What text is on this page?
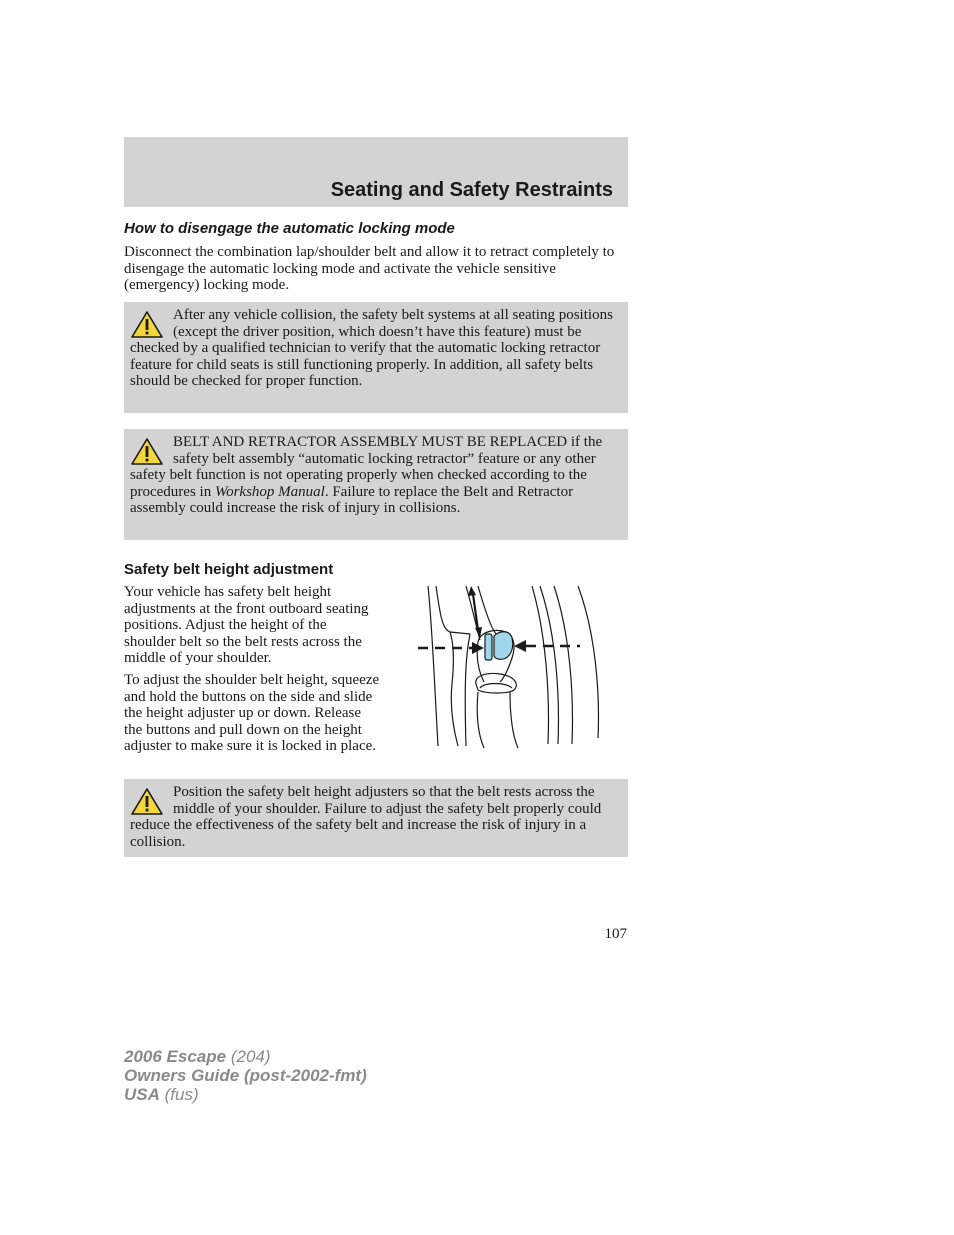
Seating and Safety Restraints
How to disengage the automatic locking mode

Disconnect the combination lap/shoulder belt and allow it to retract completely to disengage the automatic locking mode and activate the vehicle sensitive (emergency) locking mode.

After any vehicle collision, the safety belt systems at all seating positions (except the driver position, which doesn’t have this feature) must be checked by a qualified technician to verify that the automatic locking retractor feature for child seats is still functioning properly. In addition, all safety belts should be checked for proper function.

BELT AND RETRACTOR ASSEMBLY MUST BE REPLACED if the safety belt assembly “automatic locking retractor” feature or any other safety belt function is not operating properly when checked according to the procedures in Workshop Manual. Failure to replace the Belt and Retractor assembly could increase the risk of injury in collisions.

Safety belt height adjustment

Your vehicle has safety belt height adjustments at the front outboard seating positions. Adjust the height of the shoulder belt so the belt rests across the middle of your shoulder.

To adjust the shoulder belt height, squeeze and hold the buttons on the side and slide the height adjuster up or down. Release the buttons and pull down on the height adjuster to make sure it is locked in place.

Position the safety belt height adjusters so that the belt rests across the middle of your shoulder. Failure to adjust the safety belt properly could reduce the effectiveness of the safety belt and increase the risk of injury in a collision.

107
2006 Escape (204)
Owners Guide (post-2002-fmt)
USA (fus)
